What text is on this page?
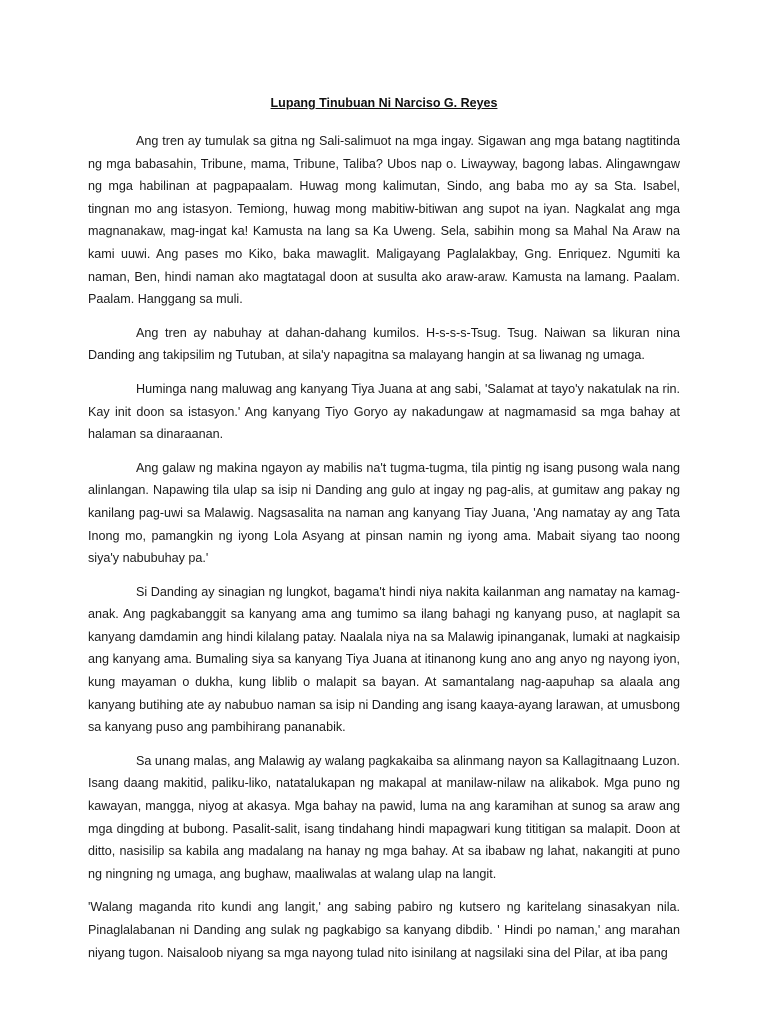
Lupang Tinubuan Ni Narciso G. Reyes

Ang tren ay tumulak sa gitna ng Sali-salimuot na mga ingay. Sigawan ang mga batang nagtitinda ng mga babasahin, Tribune, mama, Tribune, Taliba? Ubos nap o. Liwayway, bagong labas. Alingawngaw ng mga habilinan at pagpapaalam. Huwag mong kalimutan, Sindo, ang baba mo ay sa Sta. Isabel, tingnan mo ang istasyon. Temiong, huwag mong mabitiw-bitiwan ang supot na iyan. Nagkalat ang mga magnanakaw, mag-ingat ka! Kamusta na lang sa Ka Uweng. Sela, sabihin mong sa Mahal Na Araw na kami uuwi. Ang pases mo Kiko, baka mawaglit. Maligayang Paglalakbay, Gng. Enriquez. Ngumiti ka naman, Ben, hindi naman ako magtatagal doon at susulta ako araw-araw. Kamusta na lamang. Paalam. Paalam. Hanggang sa muli.

Ang tren ay nabuhay at dahan-dahang kumilos. H-s-s-s-Tsug. Tsug. Naiwan sa likuran nina Danding ang takipsilim ng Tutuban, at sila'y napagitna sa malayang hangin at sa liwanag ng umaga.

Huminga nang maluwag ang kanyang Tiya Juana at ang sabi, 'Salamat at tayo'y nakatulak na rin. Kay init doon sa istasyon.' Ang kanyang Tiyo Goryo ay nakadungaw at nagmamasid sa mga bahay at halaman sa dinaraanan.

Ang galaw ng makina ngayon ay mabilis na't tugma-tugma, tila pintig ng isang pusong wala nang alinlangan. Napawing tila ulap sa isip ni Danding ang gulo at ingay ng pag-alis, at gumitaw ang pakay ng kanilang pag-uwi sa Malawig. Nagsasalita na naman ang kanyang Tiay Juana, 'Ang namatay ay ang Tata Inong mo, pamangkin ng iyong Lola Asyang at pinsan namin ng iyong ama. Mabait siyang tao noong siya'y nabubuhay pa.'

Si Danding ay sinagian ng lungkot, bagama't hindi niya nakita kailanman ang namatay na kamag-anak. Ang pagkabanggit sa kanyang ama ang tumimo sa ilang bahagi ng kanyang puso, at naglapit sa kanyang damdamin ang hindi kilalang patay. Naalala niya na sa Malawig ipinanganak, lumaki at nagkaisip ang kanyang ama. Bumaling siya sa kanyang Tiya Juana at itinanong kung ano ang anyo ng nayong iyon, kung mayaman o dukha, kung liblib o malapit sa bayan. At samantalang nag-aapuhap sa alaala ang kanyang butihing ate ay nabubuo naman sa isip ni Danding ang isang kaaya-ayang larawan, at umusbong sa kanyang puso ang pambihirang pananabik.

Sa unang malas, ang Malawig ay walang pagkakaiba sa alinmang nayon sa Kallagitnaang Luzon. Isang daang makitid, paliku-liko, natatalukapan ng makapal at manilaw-nilaw na alikabok. Mga puno ng kawayan, mangga, niyog at akasya. Mga bahay na pawid, luma na ang karamihan at sunog sa araw ang mga dingding at bubong. Pasalit-salit, isang tindahang hindi mapagwari kung tititigan sa malapit. Doon at ditto, nasisilip sa kabila ang madalang na hanay ng mga bahay. At sa ibabaw ng lahat, nakangiti at puno ng ningning ng umaga, ang bughaw, maaliwalas at walang ulap na langit.

'Walang maganda rito kundi ang langit,' ang sabing pabiro ng kutsero ng karitelang sinasakyan nila. Pinaglalabanan ni Danding ang sulak ng pagkabigo sa kanyang dibdib. ' Hindi po naman,' ang marahan niyang tugon. Naisaloob niyang sa mga nayong tulad nito isinilang at nagsilaki sina del Pilar, at iba pang
